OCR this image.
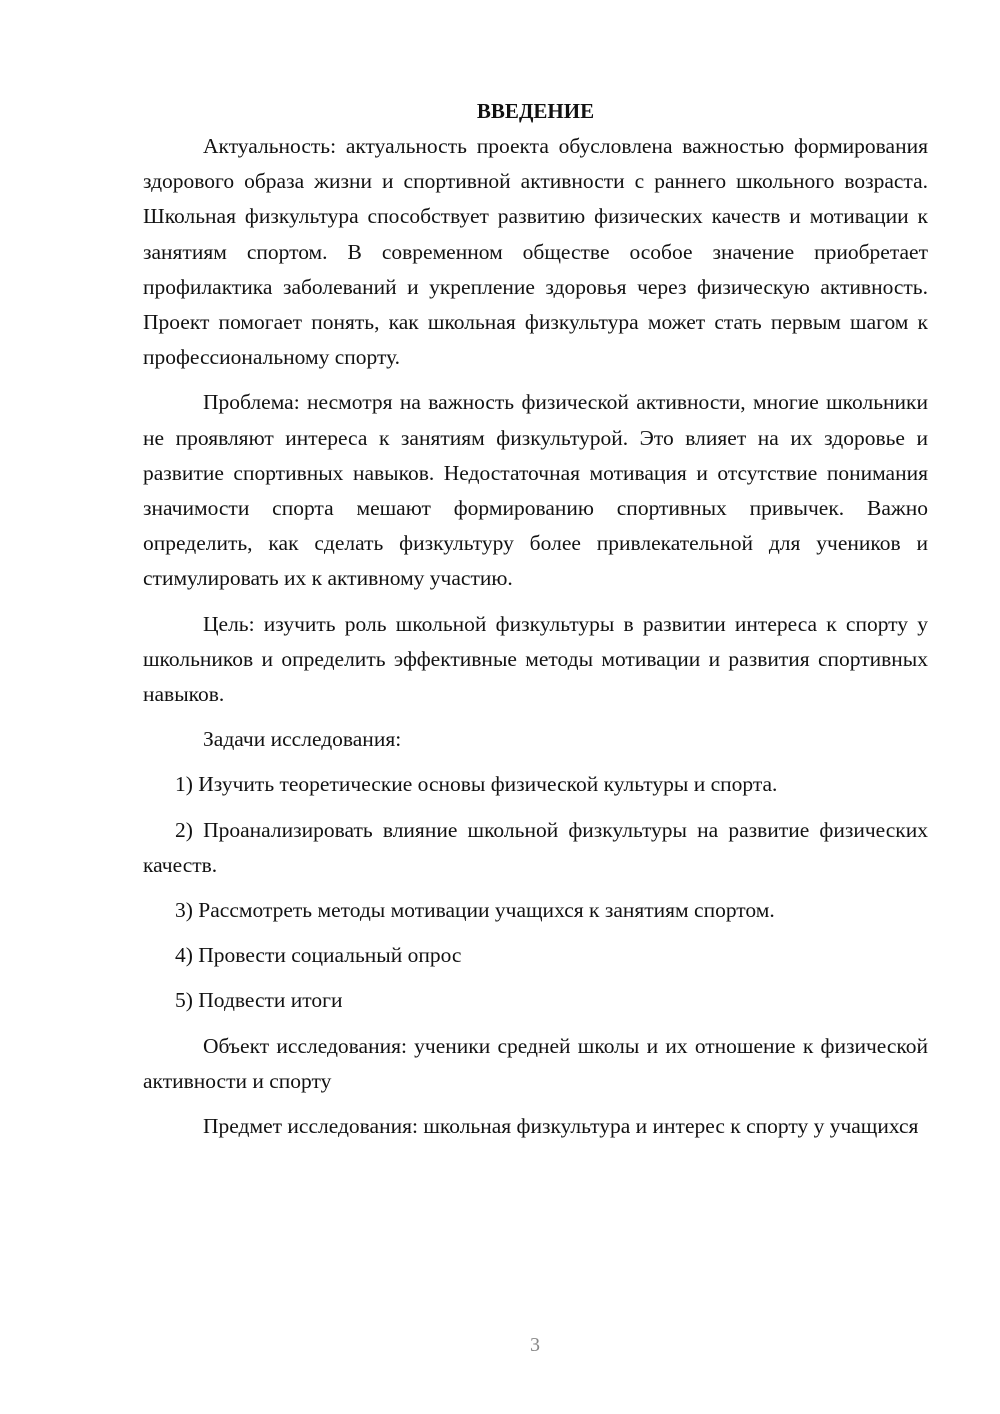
ВВЕДЕНИЕ

Актуальность: актуальность проекта обусловлена важностью формирования здорового образа жизни и спортивной активности с раннего школьного возраста. Школьная физкультура способствует развитию физических качеств и мотивации к занятиям спортом. В современном обществе особое значение приобретает профилактика заболеваний и укрепление здоровья через физическую активность. Проект помогает понять, как школьная физкультура может стать первым шагом к профессиональному спорту.

Проблема: несмотря на важность физической активности, многие школьники не проявляют интереса к занятиям физкультурой. Это влияет на их здоровье и развитие спортивных навыков. Недостаточная мотивация и отсутствие понимания значимости спорта мешают формированию спортивных привычек. Важно определить, как сделать физкультуру более привлекательной для учеников и стимулировать их к активному участию.

Цель: изучить роль школьной физкультуры в развитии интереса к спорту у школьников и определить эффективные методы мотивации и развития спортивных навыков.

Задачи исследования:

1) Изучить теоретические основы физической культуры и спорта.

2) Проанализировать влияние школьной физкультуры на развитие физических качеств.

3) Рассмотреть методы мотивации учащихся к занятиям спортом.

4) Провести социальный опрос

5) Подвести итоги

Объект исследования: ученики средней школы и их отношение к физической активности и спорту

Предмет исследования: школьная физкультура и интерес к спорту у учащихся

3
